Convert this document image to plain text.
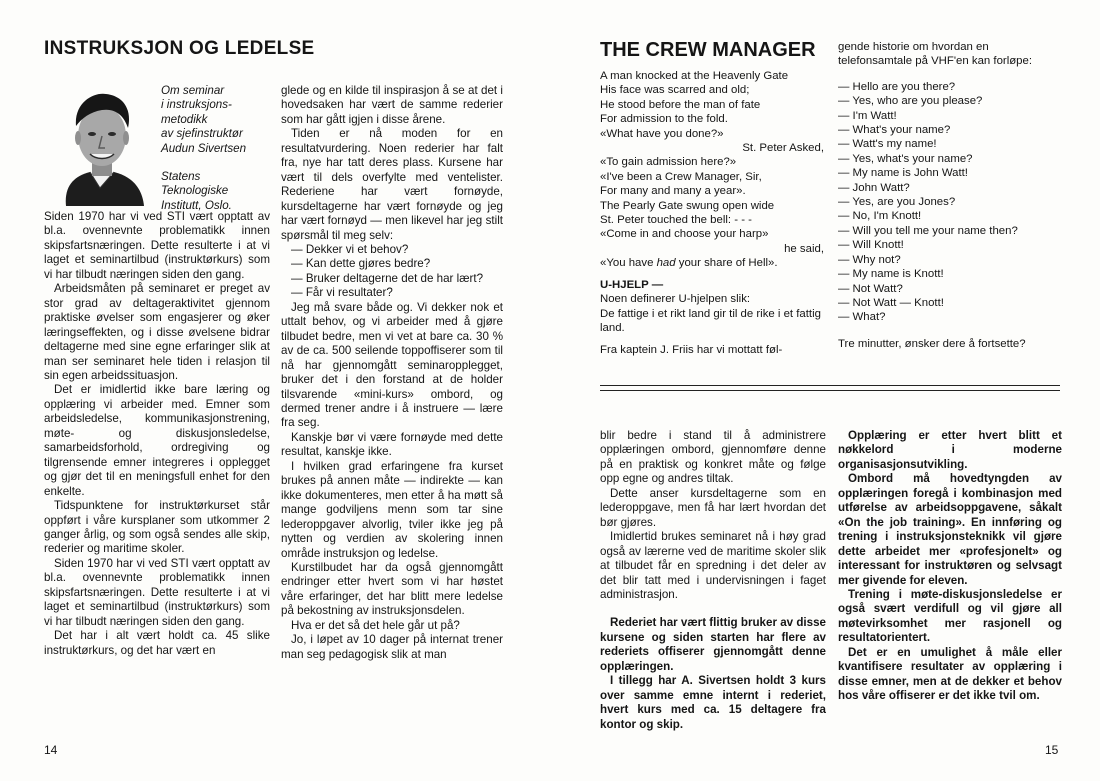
INSTRUKSJON OG LEDELSE
Om seminar
i instruksjons-
metodikk
av sjefinstruktør
Audun Sivertsen
Statens
Teknologiske
Institutt, Oslo.

Siden 1970 har vi ved STI vært opptatt av bl.a. ovennevnte problematikk innen skipsfartsnæringen. Dette resulterte i at vi laget et seminartilbud (instruktørkurs) som vi har tilbudt næringen siden den gang.

Arbeidsmåten på seminaret er preget av stor grad av deltageraktivitet gjennom praktiske øvelser som engasjerer og øker læringseffekten, og i disse øvelsene bidrar deltagerne med sine egne erfaringer slik at man ser seminaret hele tiden i relasjon til sin egen arbeidssituasjon.

Det er imidlertid ikke bare læring og opplæring vi arbeider med. Emner som arbeidsledelse, kommunikasjonstrening, møte- og diskusjonsledelse, samarbeidsforhold, ordregiving og tilgrensende emner integreres i opplegget og gjør det til en meningsfull enhet for den enkelte.

Tidspunktene for instruktørkurset står oppført i våre kursplaner som utkommer 2 ganger årlig, og som også sendes alle skip, rederier og maritime skoler.

Siden 1970 har vi ved STI vært opptatt av bl.a. ovennevnte problematikk innen skipsfartsnæringen. Dette resulterte i at vi laget et seminartilbud (instruktørkurs) som vi har tilbudt næringen siden den gang.

Det har i alt vært holdt ca. 45 slike instruktørkurs, og det har vært en

glede og en kilde til inspirasjon å se at det i hovedsaken har vært de samme rederier som har gått igjen i disse årene.

Tiden er nå moden for en resultatvurdering. Noen rederier har falt fra, nye har tatt deres plass. Kursene har vært til dels overfylte med ventelister. Rederiene har vært fornøyde, kursdeltagerne har vært fornøyde og jeg har vært fornøyd — men likevel har jeg stilt spørsmål til meg selv:

— Dekker vi et behov?

— Kan dette gjøres bedre?

— Bruker deltagerne det de har lært?

— Får vi resultater?

Jeg må svare både og. Vi dekker nok et uttalt behov, og vi arbeider med å gjøre tilbudet bedre, men vi vet at bare ca. 30 % av de ca. 500 seilende toppoffiserer som til nå har gjennomgått seminaropplegget, bruker det i den forstand at de holder tilsvarende «mini-kurs» ombord, og dermed trener andre i å instruere — lære fra seg.

Kanskje bør vi være fornøyde med dette resultat, kanskje ikke.

I hvilken grad erfaringene fra kurset brukes på annen måte — indirekte — kan ikke dokumenteres, men etter å ha møtt så mange godviljens menn som tar sine lederoppgaver alvorlig, tviler ikke jeg på nytten og verdien av skolering innen område instruksjon og ledelse.

Kurstilbudet har da også gjennomgått endringer etter hvert som vi har høstet våre erfaringer, det har blitt mere ledelse på bekostning av instruksjonsdelen.

Hva er det så det hele går ut på?

Jo, i løpet av 10 dager på internat trener man seg pedagogisk slik at man

14
THE CREW MANAGER
A man knocked at the Heavenly Gate
His face was scarred and old;
He stood before the man of fate
For admission to the fold.
«What have you done?»
St. Peter Asked,
«To gain admission here?»
«I've been a Crew Manager, Sir,
For many and many a year».
The Pearly Gate swung open wide
St. Peter touched the bell: - - -
«Come in and choose your harp»
he said,
«You have had your share of Hell».
U-HJELP —
Noen definerer U-hjelpen slik:
De fattige i et rikt land gir til de rike i et fattig land.
Fra kaptein J. Friis har vi mottatt føl-
gende historie om hvordan en telefonsamtale på VHF'en kan forløpe:
— Hello are you there?
— Yes, who are you please?
— I'm Watt!
— What's your name?
— Watt's my name!
— Yes, what's your name?
— My name is John Watt!
— John Watt?
— Yes, are you Jones?
— No, I'm Knott!
— Will you tell me your name then?
— Will Knott!
— Why not?
— My name is Knott!
— Not Watt?
— Not Watt — Knott!
— What?
Tre minutter, ønsker dere å fortsette?

blir bedre i stand til å administrere opplæringen ombord, gjennomføre denne på en praktisk og konkret måte og følge opp egne og andres tiltak.

Dette anser kursdeltagerne som en lederoppgave, men få har lært hvordan det bør gjøres.

Imidlertid brukes seminaret nå i høy grad også av lærerne ved de maritime skoler slik at tilbudet får en spredning i det deler av det blir tatt med i undervisningen i faget administrasjon.

Rederiet har vært flittig bruker av disse kursene og siden starten har flere av rederiets offiserer gjennomgått denne opplæringen.

I tillegg har A. Sivertsen holdt 3 kurs over samme emne internt i rederiet, hvert kurs med ca. 15 deltagere fra kontor og skip.

Opplæring er etter hvert blitt et nøkkelord i moderne organisasjonsutvikling.

Ombord må hovedtyngden av opplæringen foregå i kombinasjon med utførelse av arbeidsoppgavene, såkalt «On the job training». En innføring og trening i instruksjonsteknikk vil gjøre dette arbeidet mer «profesjonelt» og interessant for instruktøren og selvsagt mer givende for eleven.

Trening i møte-diskusjonsledelse er også svært verdifull og vil gjøre all møtevirksomhet mer rasjonell og resultatorientert.

Det er en umulighet å måle eller kvantifisere resultater av opplæring i disse emner, men at de dekker et behov hos våre offiserer er det ikke tvil om.

15
